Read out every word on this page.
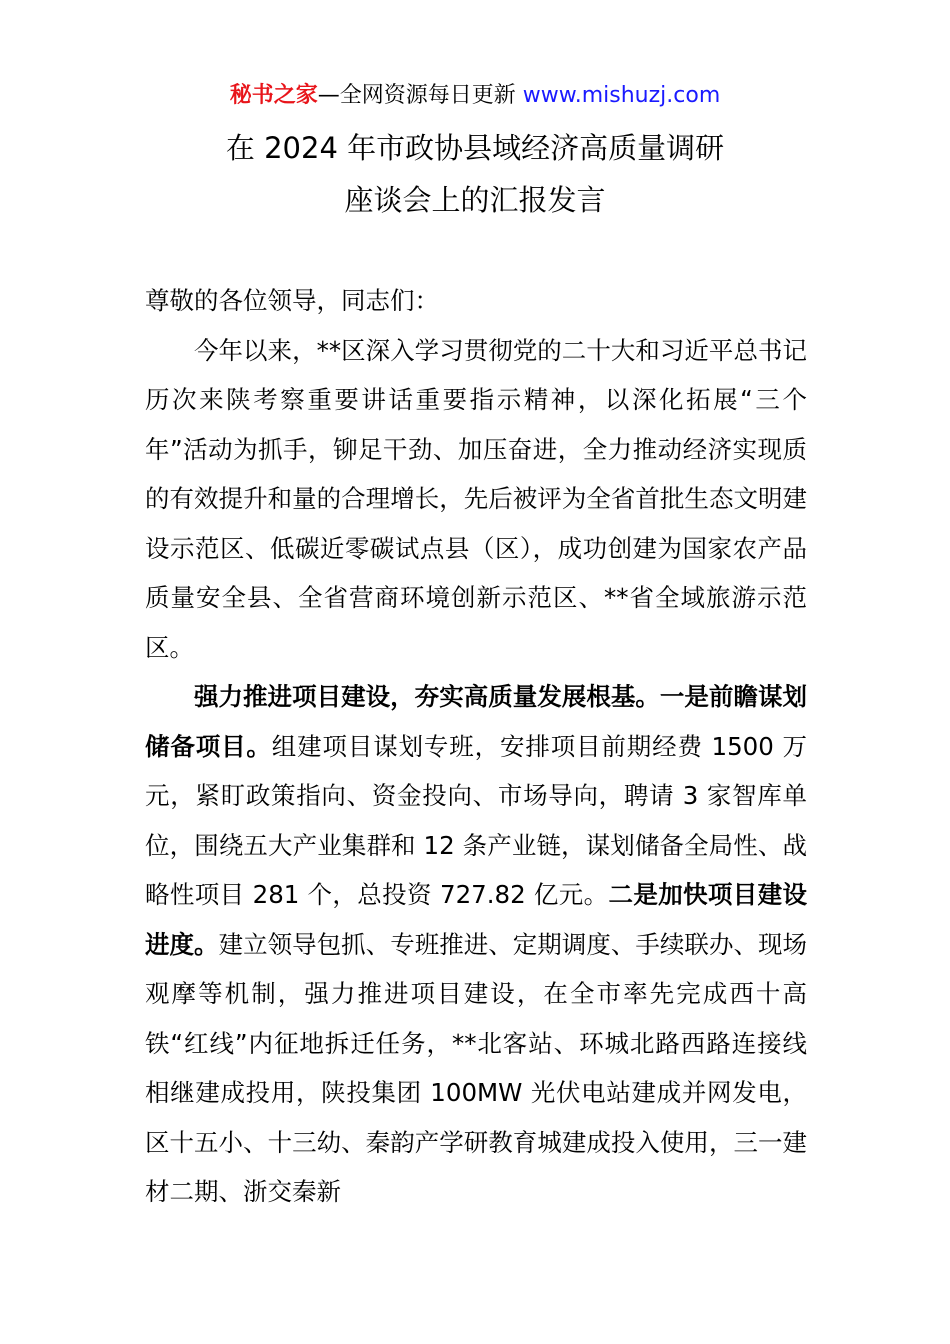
秘书之家—全网资源每日更新 www.mishuzj.com
在 2024 年市政协县域经济高质量调研
座谈会上的汇报发言

尊敬的各位领导，同志们：

今年以来，**区深入学习贯彻党的二十大和习近平总书记历次来陕考察重要讲话重要指示精神，以深化拓展“三个年”活动为抓手，铆足干劲、加压奋进，全力推动经济实现质的有效提升和量的合理增长，先后被评为全省首批生态文明建设示范区、低碳近零碳试点县（区），成功创建为国家农产品质量安全县、全省营商环境创新示范区、**省全域旅游示范区。

强力推进项目建设，夯实高质量发展根基。一是前瞻谋划储备项目。组建项目谋划专班，安排项目前期经费 1500 万元，紧盯政策指向、资金投向、市场导向，聘请 3 家智库单位，围绕五大产业集群和 12 条产业链，谋划储备全局性、战略性项目 281 个，总投资 727.82 亿元。二是加快项目建设进度。建立领导包抓、专班推进、定期调度、手续联办、现场观摩等机制，强力推进项目建设，在全市率先完成西十高铁“红线”内征地拆迁任务，**北客站、环城北路西路连接线相继建成投用，陕投集团 100MW 光伏电站建成并网发电，区十五小、十三幼、秦韵产学研教育城建成投入使用，三一建材二期、浙交秦新
